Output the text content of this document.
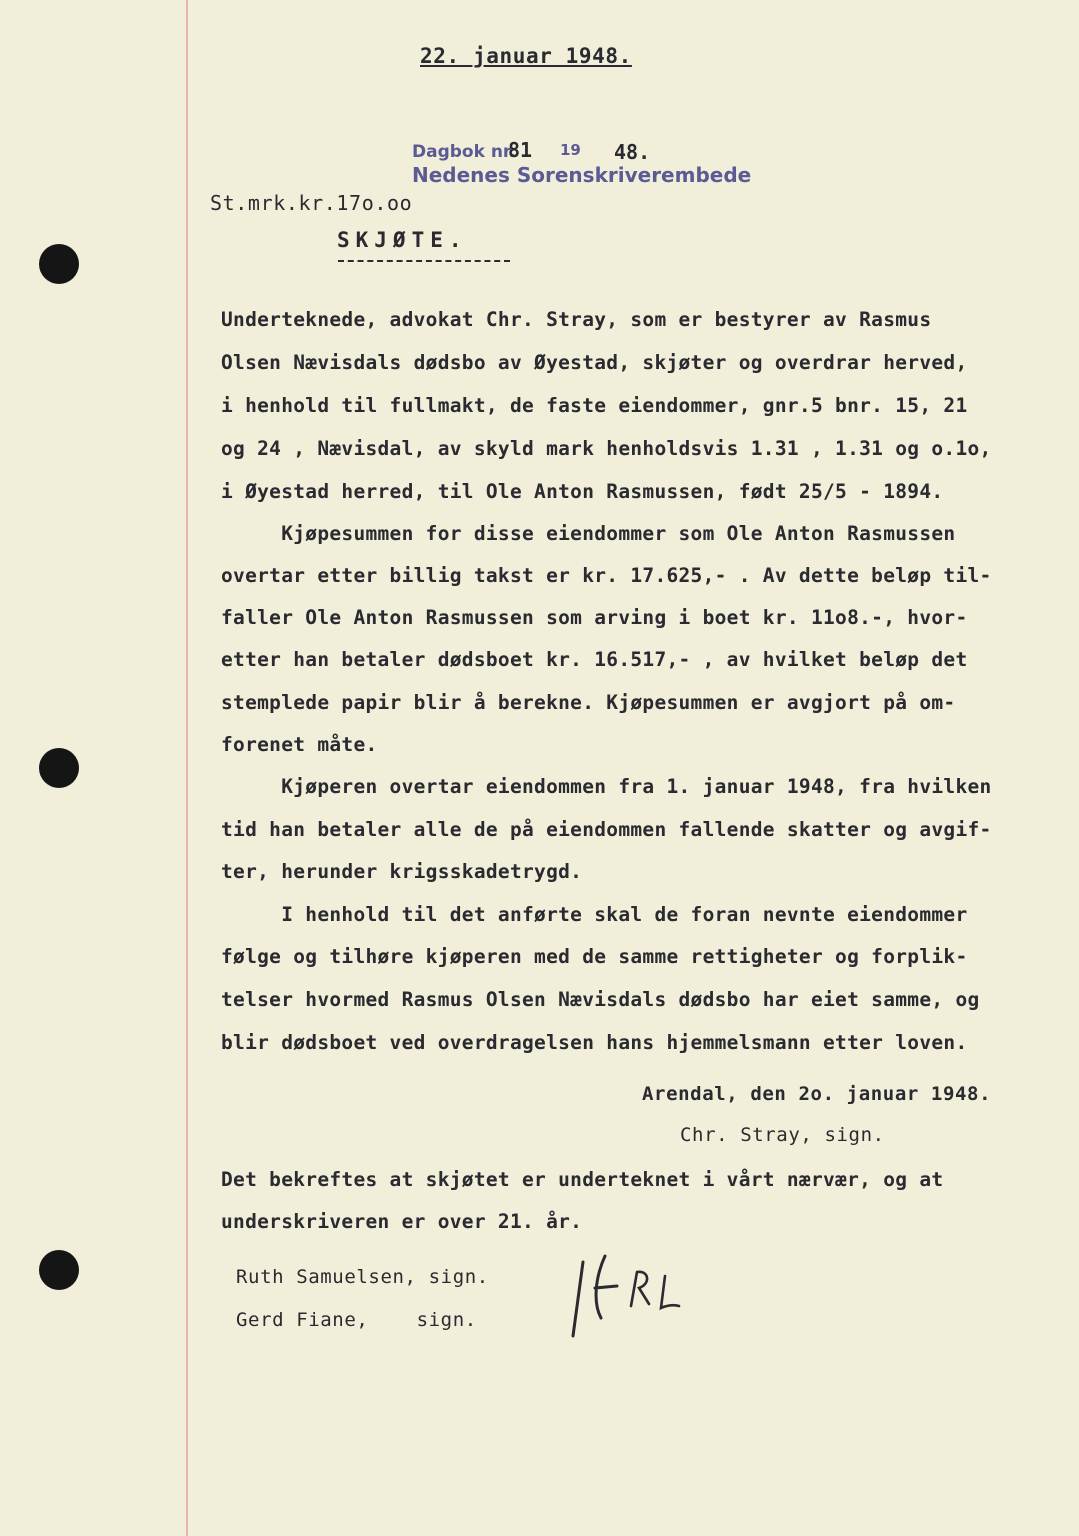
22. januar 1948.
Dagbok nr.
81 19 48.
Nedenes Sorenskriverembede
St.mrk.kr.17o.oo
SKJØTE.
Underteknede, advokat Chr. Stray, som er bestyrer av Rasmus
Olsen Nævisdals dødsbo av Øyestad, skjøter og overdrar herved,
i henhold til fullmakt, de faste eiendommer, gnr.5 bnr. 15, 21
og 24 , Nævisdal, av skyld mark henholdsvis 1.31 , 1.31 og o.1o,
i Øyestad herred, til Ole Anton Rasmussen, født 25/5 - 1894.
Kjøpesummen for disse eiendommer som Ole Anton Rasmussen
overtar etter billig takst er kr. 17.625,- . Av dette beløp til-
faller Ole Anton Rasmussen som arving i boet kr. 11o8.-, hvor-
etter han betaler dødsboet kr. 16.517,- , av hvilket beløp det
stemplede papir blir å berekne. Kjøpesummen er avgjort på om-
forenet måte.
Kjøperen overtar eiendommen fra 1. januar 1948, fra hvilken
tid han betaler alle de på eiendommen fallende skatter og avgif-
ter, herunder krigsskadetrygd.
I henhold til det anførte skal de foran nevnte eiendommer
følge og tilhøre kjøperen med de samme rettigheter og forplik-
telser hvormed Rasmus Olsen Nævisdals dødsbo har eiet samme, og
blir dødsboet ved overdragelsen hans hjemmelsmann etter loven.
Arendal, den 2o. januar 1948.
Chr. Stray, sign.
Det bekreftes at skjøtet er underteknet i vårt nærvær, og at
underskriveren er over 21. år.
Ruth Samuelsen, sign.
Gerd Fiane,    sign.
